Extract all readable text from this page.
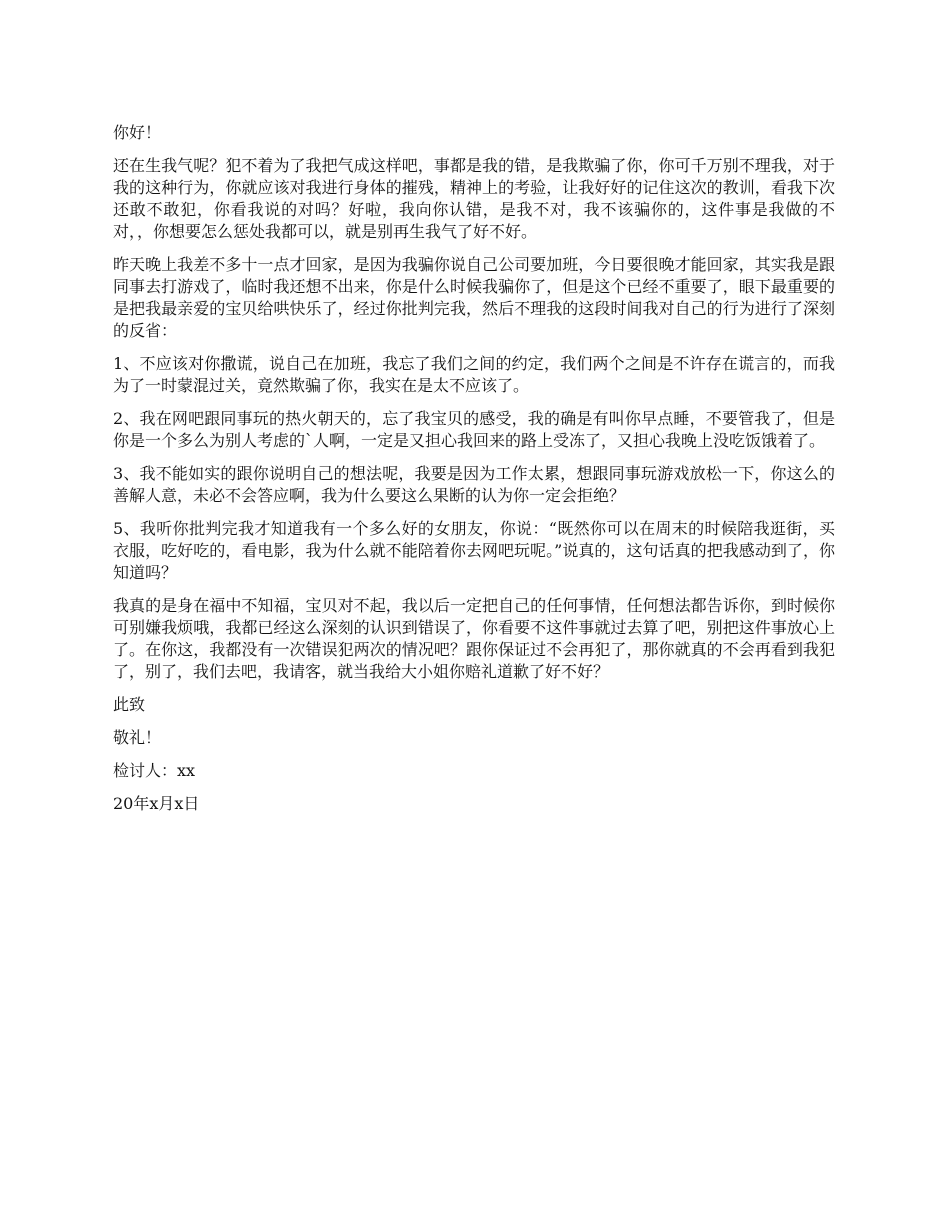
你好！

还在生我气呢？犯不着为了我把气成这样吧，事都是我的错，是我欺骗了你，你可千万别不理我，对于我的这种行为，你就应该对我进行身体的摧残，精神上的考验，让我好好的记住这次的教训，看我下次还敢不敢犯，你看我说的对吗？好啦，我向你认错，是我不对，我不该骗你的，这件事是我做的不对，，你想要怎么惩处我都可以，就是别再生我气了好不好。

昨天晚上我差不多十一点才回家，是因为我骗你说自己公司要加班，今日要很晚才能回家，其实我是跟同事去打游戏了，临时我还想不出来，你是什么时候我骗你了，但是这个已经不重要了，眼下最重要的是把我最亲爱的宝贝给哄快乐了，经过你批判完我，然后不理我的这段时间我对自己的行为进行了深刻的反省：

1、不应该对你撒谎，说自己在加班，我忘了我们之间的约定，我们两个之间是不许存在谎言的，而我为了一时蒙混过关，竟然欺骗了你，我实在是太不应该了。

2、我在网吧跟同事玩的热火朝天的，忘了我宝贝的感受，我的确是有叫你早点睡，不要管我了，但是你是一个多么为别人考虑的`人啊，一定是又担心我回来的路上受冻了，又担心我晚上没吃饭饿着了。

3、我不能如实的跟你说明自己的想法呢，我要是因为工作太累，想跟同事玩游戏放松一下，你这么的善解人意，未必不会答应啊，我为什么要这么果断的认为你一定会拒绝？

5、我听你批判完我才知道我有一个多么好的女朋友，你说：“既然你可以在周末的时候陪我逛街，买衣服，吃好吃的，看电影，我为什么就不能陪着你去网吧玩呢。”说真的，这句话真的把我感动到了，你知道吗？

我真的是身在福中不知福，宝贝对不起，我以后一定把自己的任何事情，任何想法都告诉你，到时候你可别嫌我烦哦，我都已经这么深刻的认识到错误了，你看要不这件事就过去算了吧，别把这件事放心上了。在你这，我都没有一次错误犯两次的情况吧？跟你保证过不会再犯了，那你就真的不会再看到我犯了，别了，我们去吧，我请客，就当我给大小姐你赔礼道歉了好不好？

此致

敬礼！

检讨人：xx

20年x月x日
